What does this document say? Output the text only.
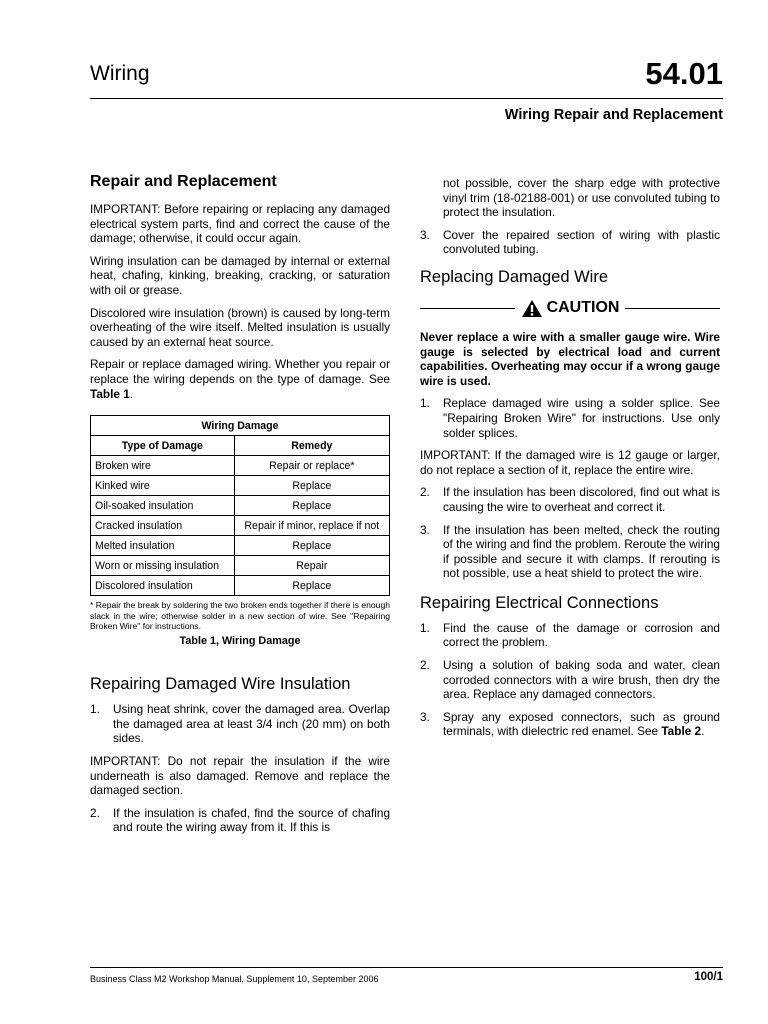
Wiring	54.01
Wiring Repair and Replacement
Repair and Replacement

IMPORTANT: Before repairing or replacing any damaged electrical system parts, find and correct the cause of the damage; otherwise, it could occur again.

Wiring insulation can be damaged by internal or external heat, chafing, kinking, breaking, cracking, or saturation with oil or grease.

Discolored wire insulation (brown) is caused by long-term overheating of the wire itself. Melted insulation is usually caused by an external heat source.

Repair or replace damaged wiring. Whether you repair or replace the wiring depends on the type of damage. See Table 1.

Wiring Damage	
Type of Damage	Remedy
Broken wire	Repair or replace*
Kinked wire	Replace
Oil-soaked insulation	Replace
Cracked insulation	Repair if minor, replace if not
Melted insulation	Replace
Worn or missing insulation	Repair
Discolored insulation	Replace
* Repair the break by soldering the two broken ends together if there is enough slack in the wire; otherwise solder in a new section of wire. See "Repairing Broken Wire" for instructions.
Table 1, Wiring Damage
Repairing Damaged Wire Insulation
1. Using heat shrink, cover the damaged area. Overlap the damaged area at least 3/4 inch (20 mm) on both sides.

IMPORTANT: Do not repair the insulation if the wire underneath is also damaged. Remove and replace the damaged section.

2. If the insulation is chafed, find the source of chafing and route the wiring away from it. If this is

not possible, cover the sharp edge with protective vinyl trim (18-02188-001) or use convoluted tubing to protect the insulation.

3. Cover the repaired section of wiring with plastic convoluted tubing.
Replacing Damaged Wire
CAUTION

Never replace a wire with a smaller gauge wire. Wire gauge is selected by electrical load and current capabilities. Overheating may occur if a wrong gauge wire is used.

1. Replace damaged wire using a solder splice. See "Repairing Broken Wire" for instructions. Use only solder splices.

IMPORTANT: If the damaged wire is 12 gauge or larger, do not replace a section of it, replace the entire wire.

2. If the insulation has been discolored, find out what is causing the wire to overheat and correct it.
3. If the insulation has been melted, check the routing of the wiring and find the problem. Reroute the wiring if possible and secure it with clamps. If rerouting is not possible, use a heat shield to protect the wire.
Repairing Electrical Connections
1. Find the cause of the damage or corrosion and correct the problem.
2. Using a solution of baking soda and water, clean corroded connectors with a wire brush, then dry the area. Replace any damaged connectors.
3. Spray any exposed connectors, such as ground terminals, with dielectric red enamel. See Table 2.
Business Class M2 Workshop Manual, Supplement 10, September 2006	100/1
